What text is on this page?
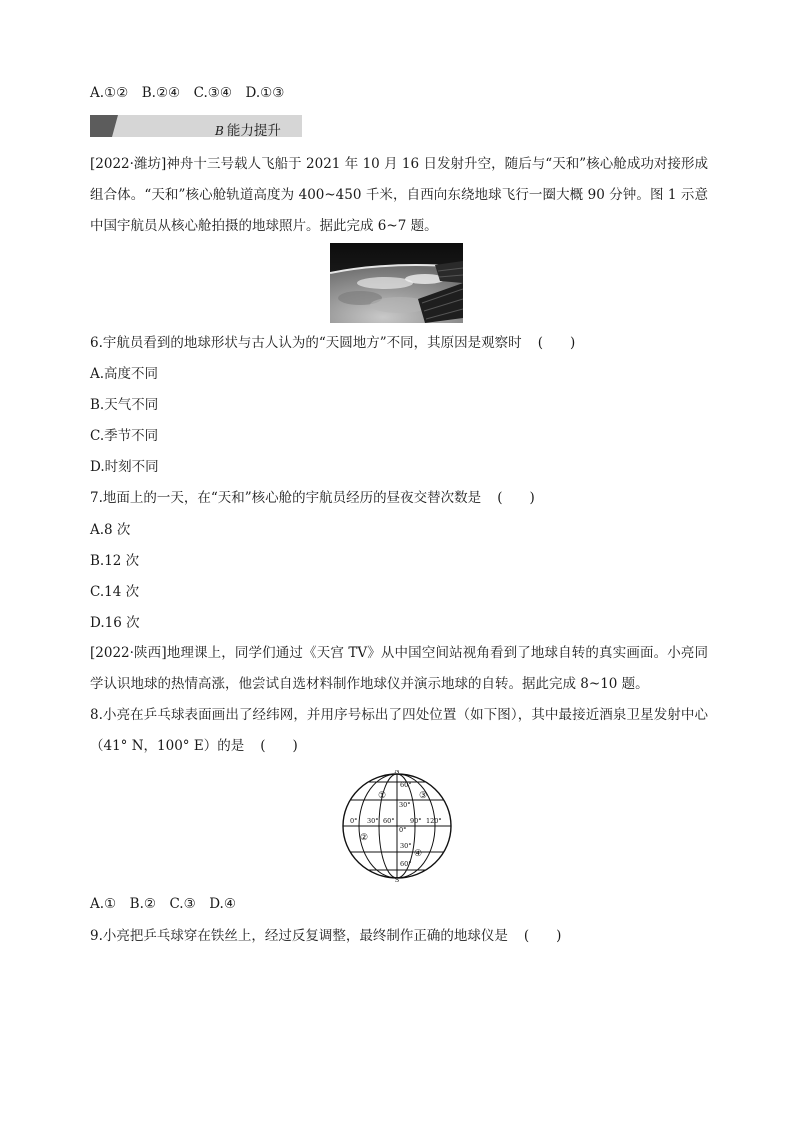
A.①②　B.②④　C.③④　D.①③
B 能力提升
[2022·潍坊]神舟十三号载人飞船于 2021 年 10 月 16 日发射升空，随后与“天和”核心舱成功对接形成组合体。“天和”核心舱轨道高度为 400~450 千米，自西向东绕地球飞行一圈大概 90 分钟。图 1 示意中国宇航员从核心舱拍摄的地球照片。据此完成 6~7 题。
6.宇航员看到的地球形状与古人认为的“天圆地方”不同，其原因是观察时 (　　)
A.高度不同
B.天气不同
C.季节不同
D.时刻不同
7.地面上的一天，在“天和”核心舱的宇航员经历的昼夜交替次数是 (　　)
A.8 次
B.12 次
C.14 次
D.16 次
[2022·陕西]地理课上，同学们通过《天宫 TV》从中国空间站视角看到了地球自转的真实画面。小亮同学认识地球的热情高涨，他尝试自选材料制作地球仪并演示地球的自转。据此完成 8~10 题。
8.小亮在乒乓球表面画出了经纬网，并用序号标出了四处位置（如下图），其中最接近酒泉卫星发射中心（41° N，100° E）的是 (　　)
N
S
60°
30°
0°
30°
60°
0° 30° 60° 90° 120°
①
②
③
④
A.①　B.②　C.③　D.④
9.小亮把乒乓球穿在铁丝上，经过反复调整，最终制作正确的地球仪是 (　　)
